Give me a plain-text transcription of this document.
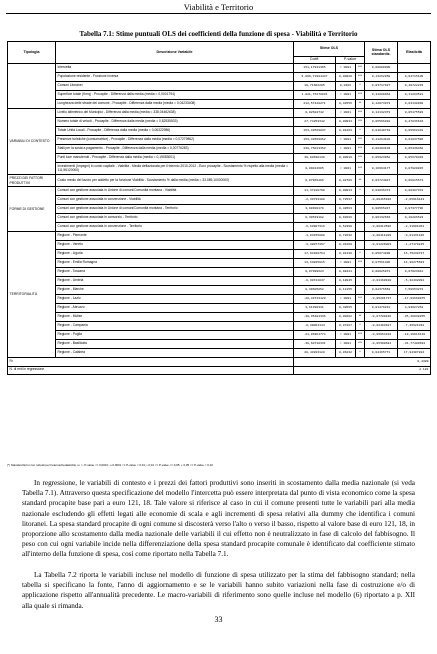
Viabilità e Territorio
Tabella 7.1: Stime puntuali OLS dei coefficienti della funzione di spesa - Viabilità e Territorio
Tipologia	Descrizione Variabile	Stime OLS			Stima OLS standardiz.	Elasticità
		Coeff.	P-value			
	Intercetta	151,17931395	< 0001	***	0,00000000	
	Popolazione residente - Funzione inversa	9.099,71984447	0,00020	***	0,13262858	0,04715100
	Comuni Litoranei	10,71602205	0,0486	*	0,03717927	0,40722233
	Superficie totale (Kmq) - Procapite - Differenza dalla media (media = 0,0001794)	1.021,76278931	< 0001	***	0,31889964	0,11263521
	Lunghezza delle strade del comune - Procapite - Differenza dalla media (media = 0,04233408)	212,57428271	0,42556	**	0,12073873	0,04138938
VARIABILI DI CONTESTO	Livello altimetrico del Municipio - Differenza dalla media (media = 338,04462638)	0,02602742	< 0001	***	0,14132373	0,05475583
	Numero totale di veicoli - Procapite - Differenza dalla media (media = 0,82535533)	27,74253342	0,00034	***	0,05596818	0,27836634
	Totale Unità Locali - Procapite - Differenza dalla media (media = 0,06322986)	153,43569037	0,01263	*	0,04940734	0,05962431
	Presenze turistiche (consumatrice) - Procapite - Differenza dalla media (media = 0,07279862)	153,43569862	< 0001	***	0,11264101	0,01837596
	Stalli per la sosta a pagamento - Procapite - Differenza dalla media (media = 0,00776283)	239,75013353	< 0001	***	0,09483103	0,05439468
	Punti luce manutenuti - Procapite - Differenza dalla media (media = 0,19083001)	39,93630138	0,00019	***	0,05923952	0,05679493
	Investimenti (Impegni) in conto capitale - Viabilità - Media deflazionata per il triennio 2010-2012 - Euro procapite - Scostamento % rispetto alla media (media = 111,56120000)	0,09014605	< 0001	***	0,16694177	0,07920015
PREZZI DEI FATTORI PRODUTTIVI	Costo medio del lavoro per addetto per la funzione Viabilità - Scostamento % dalla media (media = 33.089,10000000)	0,07966296	0,02786	**	0,03724947	0,06915674
FORME DI GESTIONE	Comuni con gestione associata in Unione di comuni/Comunità montana - Viabilità	11,37210799	0,00913	*	0,03036474	0,80387372
	Comuni con gestione associata in convenzione - Viabilità	-2,33733108	0,72537		-0,00465326	-2,05916443
	Comuni con gestione associata in Unione di comuni/Comunità montana - Territorio	3,90300179	0,48563		0,00565247	0,97377796
	Comuni con gestione associata in consorzio - Territorio	0,30533182	0,92686		0,00132663	0,10286523
	Comuni con gestione associata in convenzione - Territorio	-6,63907316	0,52399		-0,00313696	-2,31091062
TERRITORIALITÀ	Regione - Piemonte	-1,04155808	0,72632		-0,00411029	-0,91431186
	Regione - Veneto	-3,38077367	0,33169		-0,01226003	-1,27178225
	Regione - Liguria	17,94329764	0,01138	*	0,05074830	15,75238737
	Regione - Emilia Romagna	13,63825915	< 0001	***	0,07561406	16,36275583
	Regione - Toscana	0,07999623	0,98441		0,00025871	0,07023941
	Regione - Umbria	-6,30724837	0,18945		-0,01160910	-5,32432091
	Regione - Marche	8,39605852	0,11155		0,02376652	7,59653273
	Regione - Lazio	-20,43743120	< 0001	***	-0,05291737	-17,93660975
	Regione - Abruzzo	3,61390331	0,48565		0,01479241	4,93027262
	Regione - Molise	-40,35484336	0,00262	**	-0,07780436	-35,46038255
	Regione - Campania	-8,39064144	0,07267	*	-0,02493487	-7,36621032
	Regione - Puglia	-21,86964774	< 0001	***	-0,05064318	-19,19916119
	Regione - Basilicata	-39,60718331	< 0001	***	-0,05390684	-34,77480694
	Regione - Calabria	20,43283128	0,06232	*	0,04465771	17,94307884
R²		0,4389				
N. di enti in regressione		2.181				
(*) Standard Error con robusti per heteroschedasticità; ••• <- P-value <= 0,0001; •• 0,0001 <= P-value < 0,01; • 0,01 <= P-value <= 0,05; + 0,05 <= P-value < 0,10

In regressione, le variabili di contesto e i prezzi dei fattori produttivi sono inseriti in scostamento dalla media nazionale (si veda Tabella 7.1). Attraverso questa specificazione del modello l'intercetta può essere interpretata dal punto di vista economico come la spesa standard procapite base pari a euro 121, 18. Tale valore si riferisce al caso in cui il comune presenti tutte le variabili pari alla media nazionale escludendo gli effetti legati alle economie di scala e agli incrementi di spesa relativi alla dummy che identifica i comuni litoranei. La spesa standard procapite di ogni comune si discosterà verso l'alto o verso il basso, rispetto al valore base di euro 121, 18, in proporzione allo scostamento dalla media nazionale delle variabili il cui effetto non è neutralizzato in fase di calcolo del fabbisogno. Il peso con cui ogni variabile incide nella differenziazione della spesa standard procapite comunale è identificato dal coefficiente stimato all'interno della funzione di spesa, così come riportato nella Tabella 7.1.

La Tabella 7.2 riporta le variabili incluse nel modello di funzione di spesa utilizzato per la stima del fabbisogno standard; nella tabella si specificano la fonte, l'anno di aggiornamento e se le variabili hanno subito variazioni nella fase di costruzione e/o di applicazione rispetto all'annualità precedente. Le macro-variabili di riferimento sono quelle incluse nel modello (6) riportato a p. XII alla quale si rimanda.

33
